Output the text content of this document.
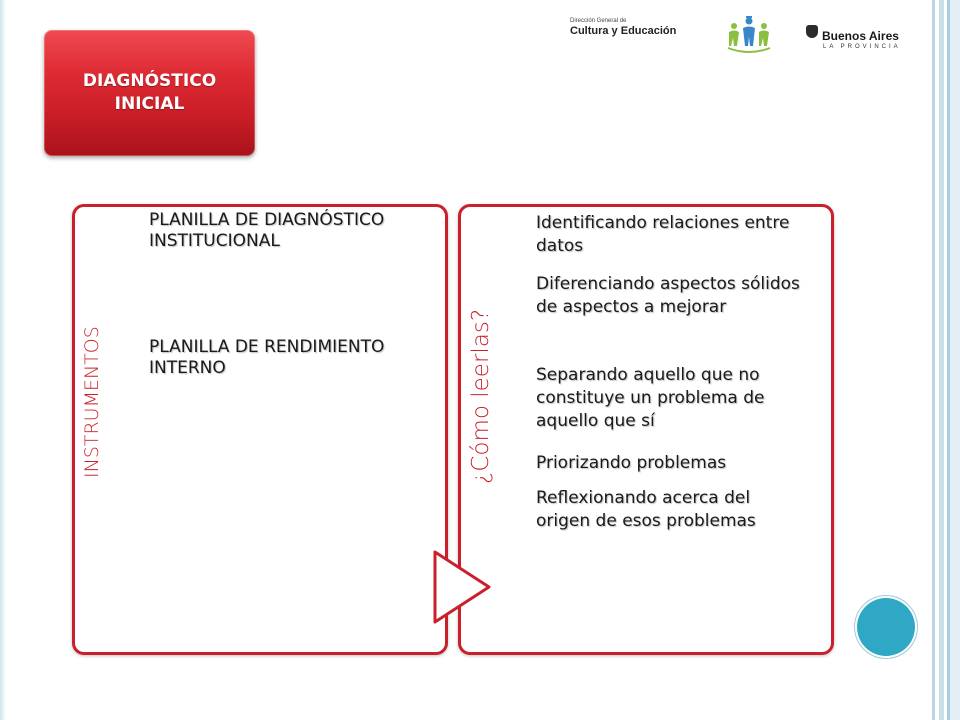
Dirección General de
Cultura y Educación	Buenos Aires
LA PROVINCIA
DIAGNÓSTICO
INICIAL
INSTRUMENTOS
PLANILLA DE DIAGNÓSTICO INSTITUCIONAL
PLANILLA DE RENDIMIENTO INTERNO	¿Cómo leerlas?
Identificando relaciones entre datos
Diferenciando aspectos sólidos de aspectos a mejorar
Separando aquello que no constituye un problema de aquello que sí
Priorizando problemas
Reflexionando acerca del origen de esos problemas
